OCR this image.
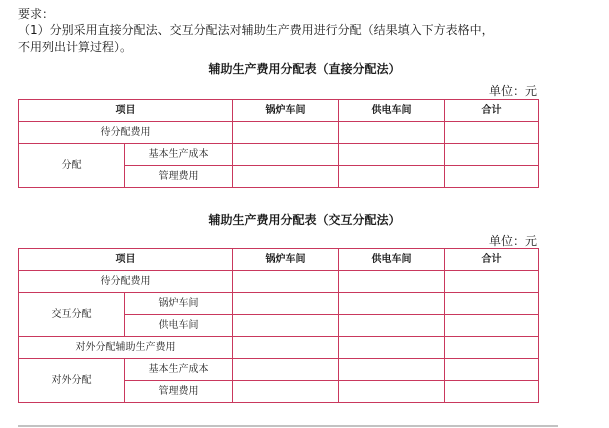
要求：
（1）分别采用直接分配法、交互分配法对辅助生产费用进行分配（结果填入下方表格中，
不用列出计算过程）。
辅助生产费用分配表（直接分配法）
单位：元
项目		锅炉车间	供电车间	合计
待分配费用				
分配	基本生产成本			
	管理费用			
辅助生产费用分配表（交互分配法）
单位：元
项目		锅炉车间	供电车间	合计
待分配费用				
交互分配	锅炉车间			
	供电车间			
对外分配辅助生产费用				
对外分配	基本生产成本			
	管理费用			
